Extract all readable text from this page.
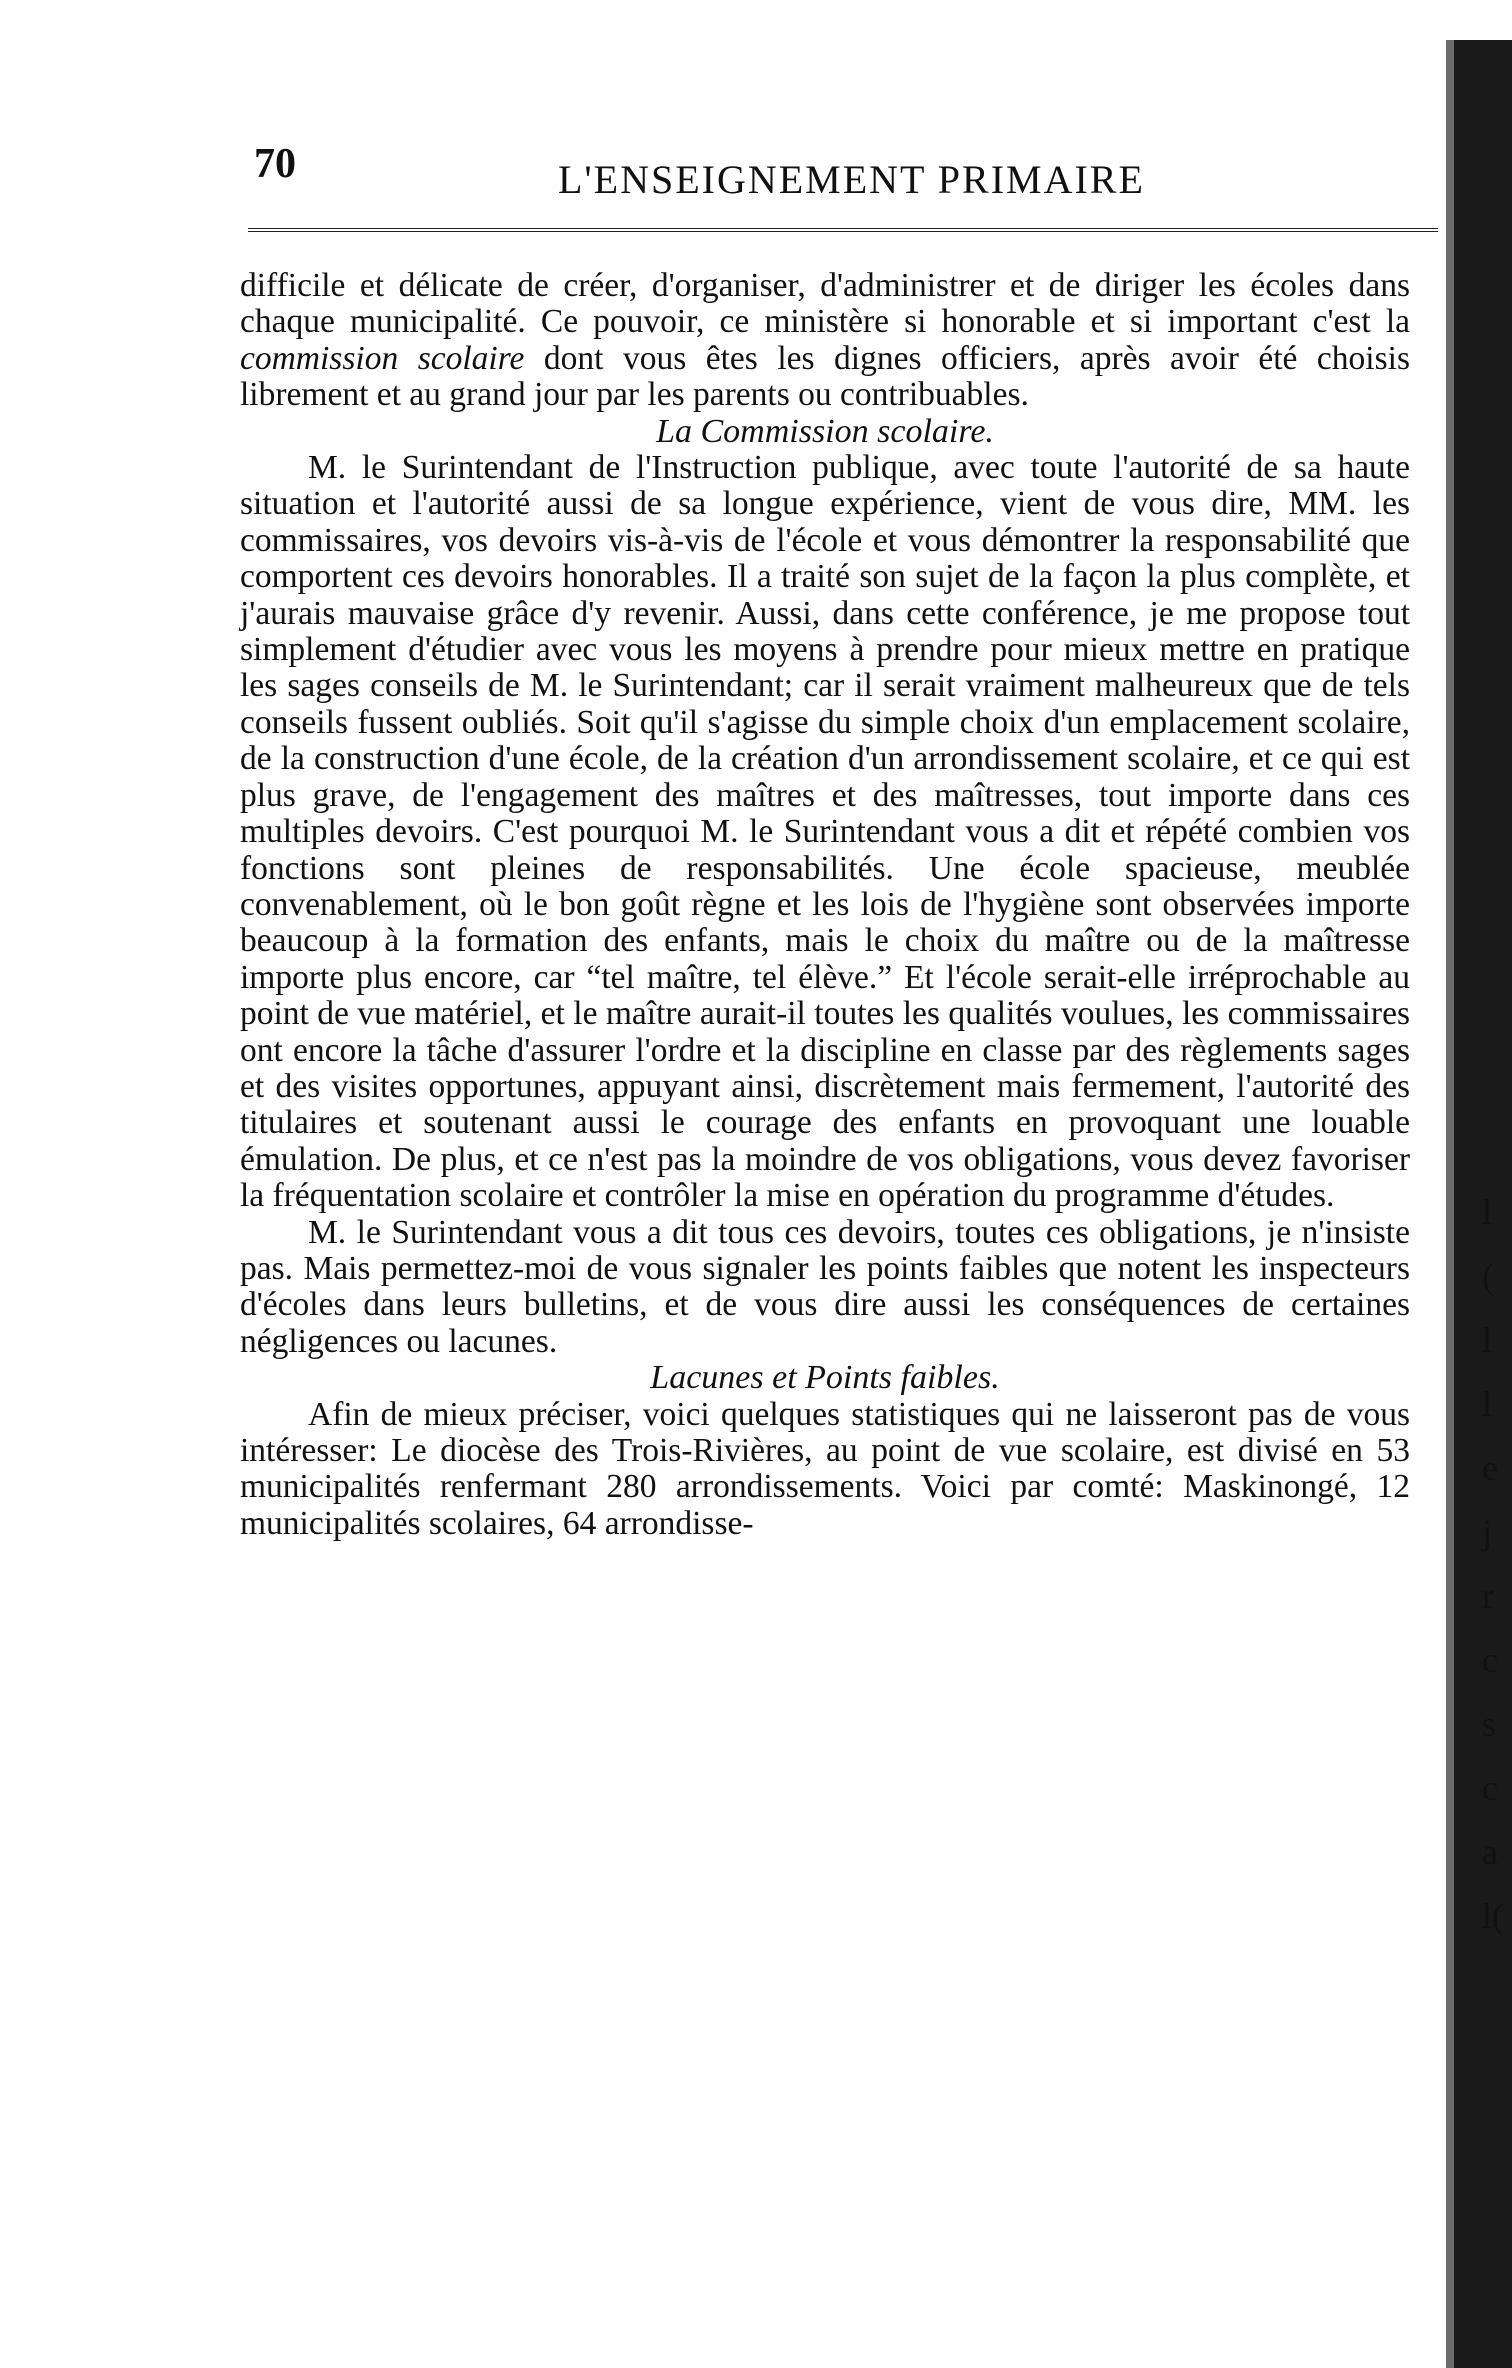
l
(
l
l
e
j
r
c
s
c
a
l(
70	L'ENSEIGNEMENT PRIMAIRE

difficile et délicate de créer, d'organiser, d'administrer et de diriger les écoles dans chaque municipalité. Ce pouvoir, ce ministère si honorable et si important c'est la commission scolaire dont vous êtes les dignes officiers, après avoir été choisis librement et au grand jour par les parents ou contribuables.

La Commission scolaire.

M. le Surintendant de l'Instruction publique, avec toute l'autorité de sa haute situation et l'autorité aussi de sa longue expérience, vient de vous dire, MM. les commissaires, vos devoirs vis-à-vis de l'école et vous démontrer la responsabilité que comportent ces devoirs honorables. Il a traité son sujet de la façon la plus complète, et j'aurais mauvaise grâce d'y revenir. Aussi, dans cette conférence, je me propose tout simplement d'étudier avec vous les moyens à prendre pour mieux mettre en pratique les sages conseils de M. le Surintendant; car il serait vraiment malheureux que de tels conseils fussent oubliés. Soit qu'il s'agisse du simple choix d'un emplacement scolaire, de la construction d'une école, de la création d'un arrondissement scolaire, et ce qui est plus grave, de l'engagement des maîtres et des maîtresses, tout importe dans ces multiples devoirs. C'est pourquoi M. le Surintendant vous a dit et répété combien vos fonctions sont pleines de responsabilités. Une école spacieuse, meublée convenablement, où le bon goût règne et les lois de l'hygiène sont observées importe beaucoup à la formation des enfants, mais le choix du maître ou de la maîtresse importe plus encore, car “tel maître, tel élève.” Et l'école serait-elle irréprochable au point de vue matériel, et le maître aurait-il toutes les qualités voulues, les commissaires ont encore la tâche d'assurer l'ordre et la discipline en classe par des règlements sages et des visites opportunes, appuyant ainsi, discrètement mais fermement, l'autorité des titulaires et soutenant aussi le courage des enfants en provoquant une louable émulation. De plus, et ce n'est pas la moindre de vos obligations, vous devez favoriser la fréquentation scolaire et contrôler la mise en opération du programme d'études.

M. le Surintendant vous a dit tous ces devoirs, toutes ces obligations, je n'insiste pas. Mais permettez-moi de vous signaler les points faibles que notent les inspecteurs d'écoles dans leurs bulletins, et de vous dire aussi les conséquences de certaines négligences ou lacunes.

Lacunes et Points faibles.

Afin de mieux préciser, voici quelques statistiques qui ne laisseront pas de vous intéresser: Le diocèse des Trois-Rivières, au point de vue scolaire, est divisé en 53 municipalités renfermant 280 arrondissements. Voici par comté: Maskinongé, 12 municipalités scolaires, 64 arrondisse-
